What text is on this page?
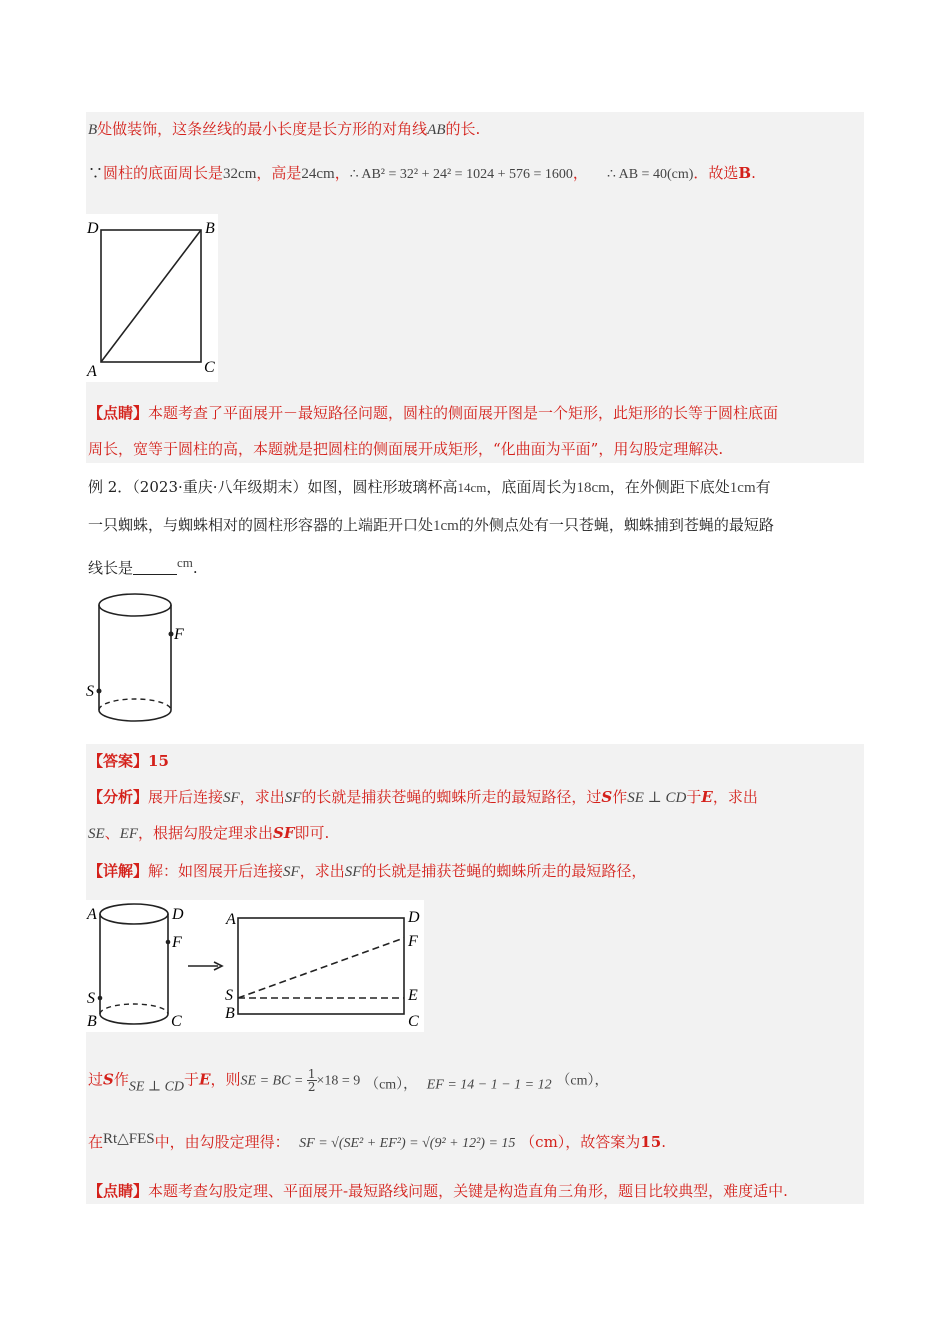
B处做装饰，这条丝线的最小长度是长方形的对角线AB的长.
∵圆柱的底面周长是32cm，高是24cm，∴ AB² = 32² + 24² = 1024 + 576 = 1600， ∴ AB = 40(cm)．故选B.
D	B
A	C
【点睛】本题考查了平面展开－最短路径问题，圆柱的侧面展开图是一个矩形，此矩形的长等于圆柱底面
周长，宽等于圆柱的高，本题就是把圆柱的侧面展开成矩形，“化曲面为平面”，用勾股定理解决.
例 2．（2023·重庆·八年级期末）如图，圆柱形玻璃杯高14cm，底面周长为18cm，在外侧距下底处1cm有
一只蜘蛛，与蜘蛛相对的圆柱形容器的上端距开口处1cm的外侧点处有一只苍蝇，蜘蛛捕到苍蝇的最短路
线长是	cm.
F
S
【答案】15
【分析】展开后连接SF，求出SF的长就是捕获苍蝇的蜘蛛所走的最短路径，过S作SE ⊥ CD于E，求出
SE、EF，根据勾股定理求出SF即可.
【详解】解：如图展开后连接SF，求出SF的长就是捕获苍蝇的蜘蛛所走的最短路径，
A	D
F
S
B	C
A	D
F
S	E
B	C
过S作SE ⊥ CD于E，则SE = BC = $\frac{1}{2} \times 18 = 9$ （cm）， EF = 14 − 1 − 1 = 12 （cm），
在Rt△FES中，由勾股定理得： SF = √(SE² + EF²) = √(9² + 12²) = 15 （cm），故答案为15.
【点睛】本题考查勾股定理、平面展开-最短路线问题，关键是构造直角三角形，题目比较典型，难度适中.
